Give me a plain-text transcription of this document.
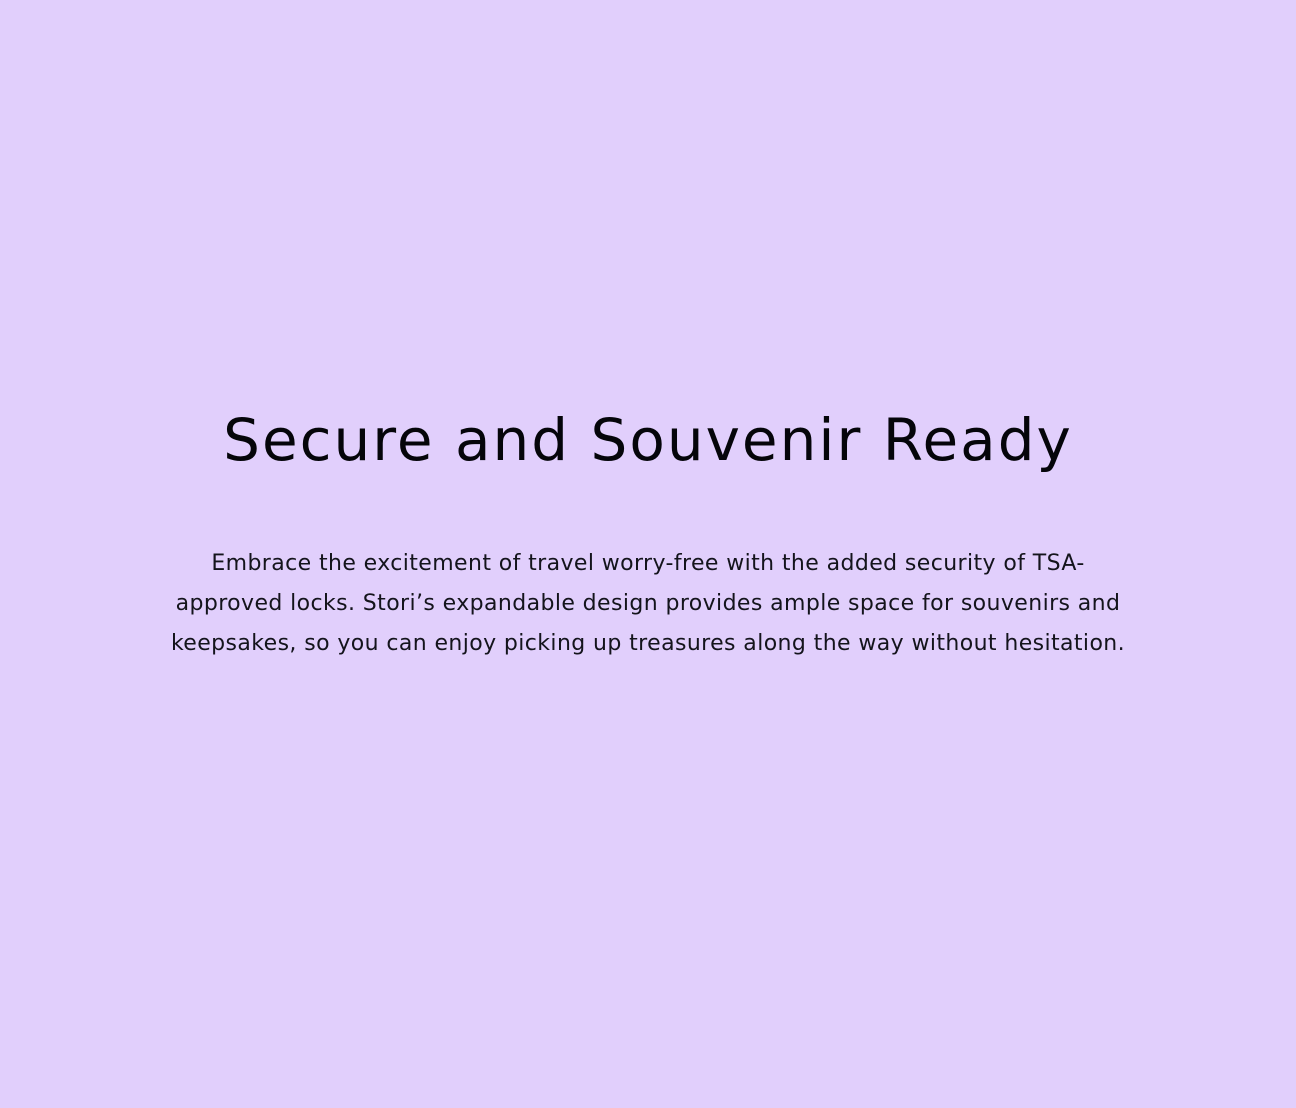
Secure and Souvenir Ready

Embrace the excitement of travel worry-free with the added security of TSA-approved locks. Stori’s expandable design provides ample space for souvenirs and keepsakes, so you can enjoy picking up treasures along the way without hesitation.
